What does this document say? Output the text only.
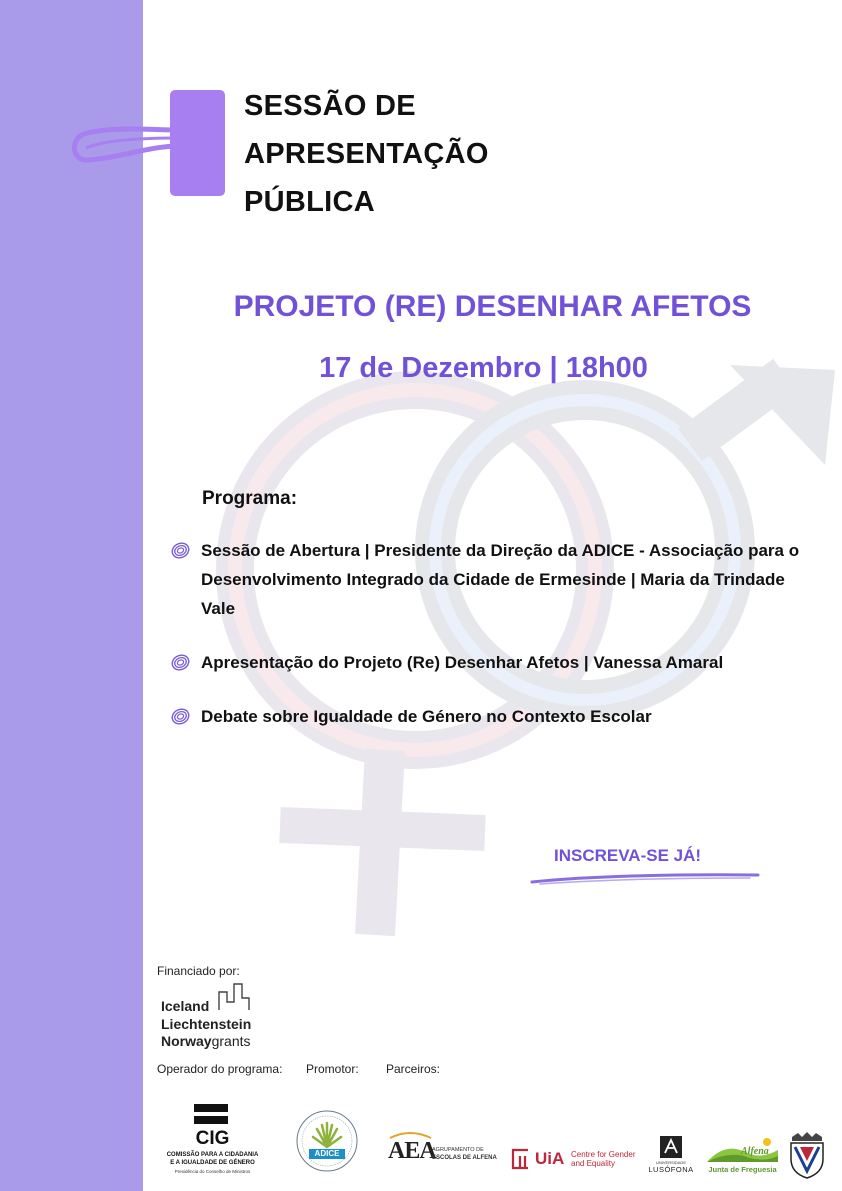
SESSÃO DE
APRESENTAÇÃO
PÚBLICA
PROJETO (RE) DESENHAR AFETOS
17 de Dezembro | 18h00
Programa:
Sessão de Abertura | Presidente da Direção da ADICE - Associação para o Desenvolvimento Integrado da Cidade de Ermesinde | Maria da Trindade Vale
Apresentação do Projeto (Re) Desenhar Afetos | Vanessa Amaral
Debate sobre Igualdade de Género no Contexto Escolar
INSCREVA-SE JÁ!
Financiado por:
Iceland
Liechtenstein
Norwaygrants
Operador do programa: Promotor: Parceiros:
CIG
COMISSÃO PARA A CIDADANIA
E A IGUALDADE DE GÉNERO
Presidência do Conselho de Ministros
ADICE AEA
AGRUPAMENTO DE
ESCOLAS DE ALFENA UiA Centre for Gender
and Equality	UNIVERSIDADE
LUSÓFONA
Alfena
Junta de Freguesia
